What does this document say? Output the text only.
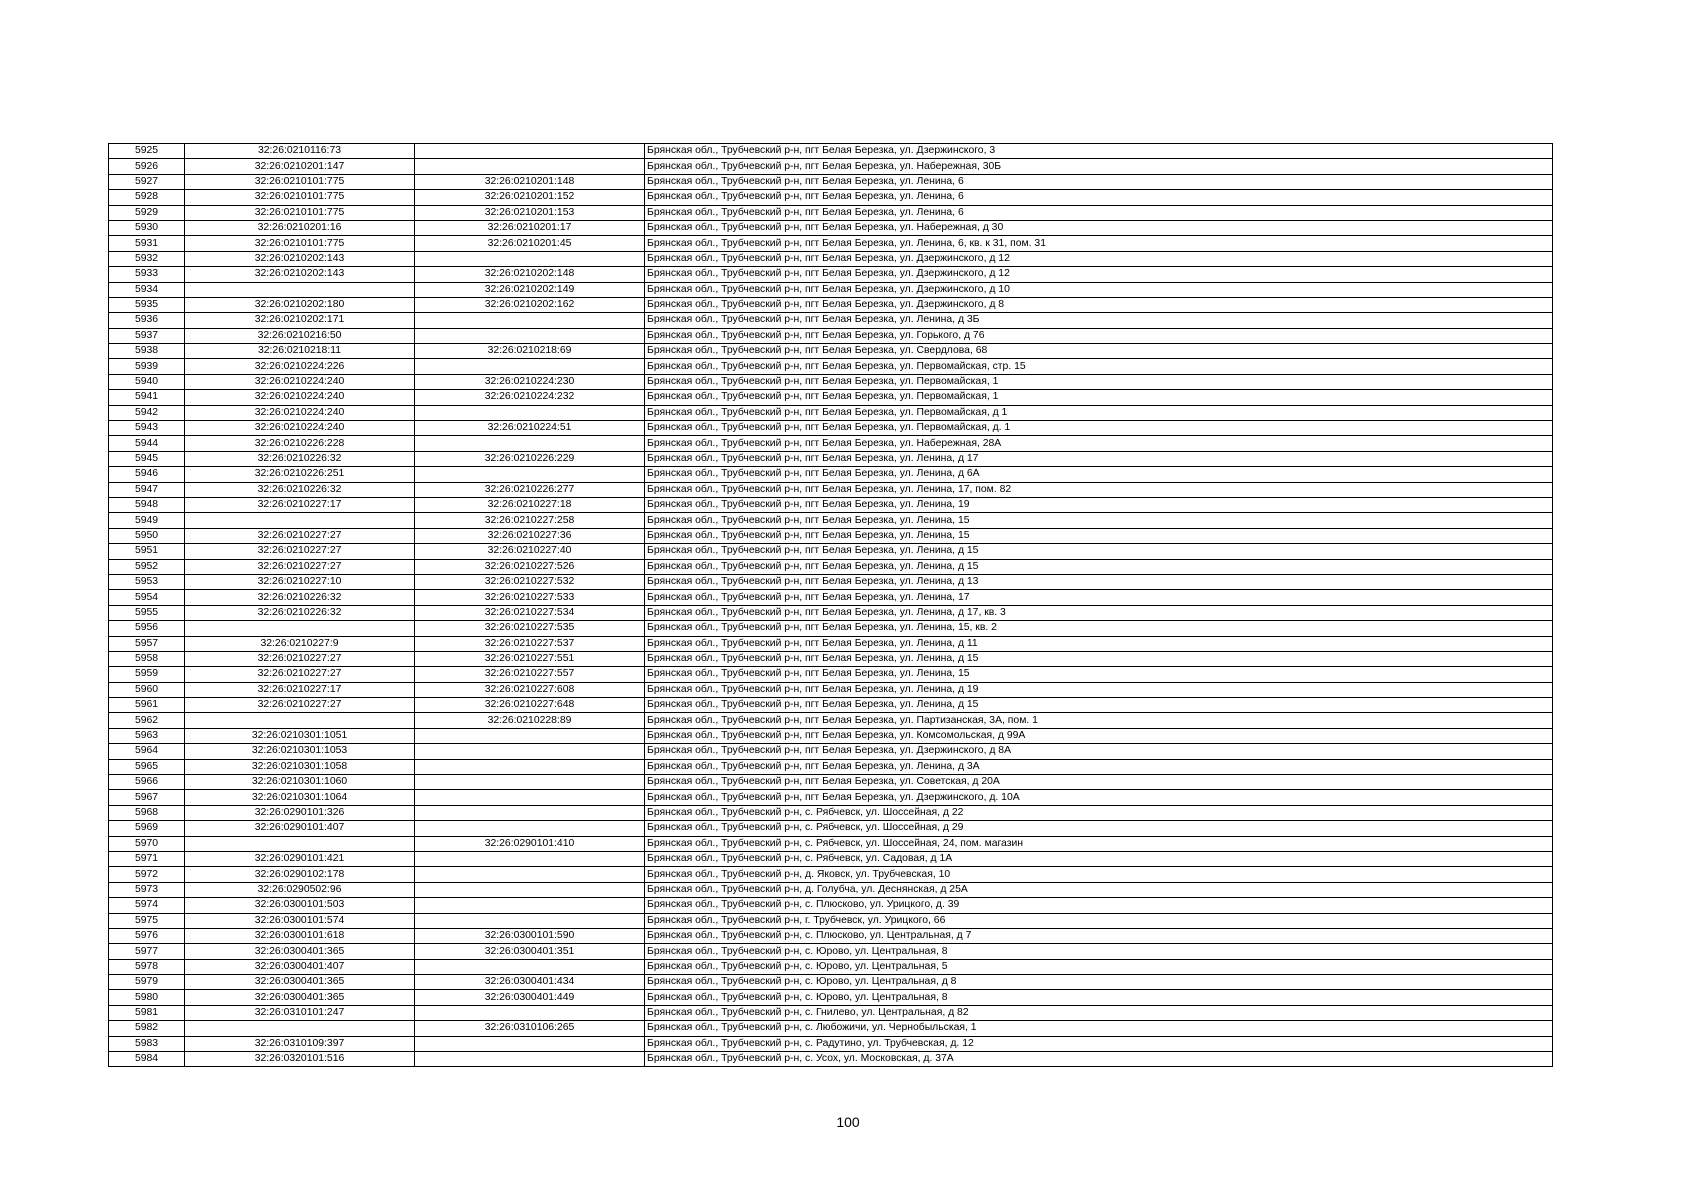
5925	32:26:0210116:73		Брянская обл., Трубчевский р-н, пгт Белая Березка, ул. Дзержинского, 3
5926	32:26:0210201:147		Брянская обл., Трубчевский р-н, пгт Белая Березка, ул. Набережная, 30Б
5927	32:26:0210101:775	32:26:0210201:148	Брянская обл., Трубчевский р-н, пгт Белая Березка, ул. Ленина, 6
5928	32:26:0210101:775	32:26:0210201:152	Брянская обл., Трубчевский р-н, пгт Белая Березка, ул. Ленина, 6
5929	32:26:0210101:775	32:26:0210201:153	Брянская обл., Трубчевский р-н, пгт Белая Березка, ул. Ленина, 6
5930	32:26:0210201:16	32:26:0210201:17	Брянская обл., Трубчевский р-н, пгт Белая Березка, ул. Набережная, д 30
5931	32:26:0210101:775	32:26:0210201:45	Брянская обл., Трубчевский р-н, пгт Белая Березка, ул. Ленина, 6, кв. к 31, пом. 31
5932	32:26:0210202:143		Брянская обл., Трубчевский р-н, пгт Белая Березка, ул. Дзержинского, д 12
5933	32:26:0210202:143	32:26:0210202:148	Брянская обл., Трубчевский р-н, пгт Белая Березка, ул. Дзержинского, д 12
5934		32:26:0210202:149	Брянская обл., Трубчевский р-н, пгт Белая Березка, ул. Дзержинского, д 10
5935	32:26:0210202:180	32:26:0210202:162	Брянская обл., Трубчевский р-н, пгт Белая Березка, ул. Дзержинского, д 8
5936	32:26:0210202:171		Брянская обл., Трубчевский р-н, пгт Белая Березка, ул. Ленина, д 3Б
5937	32:26:0210216:50		Брянская обл., Трубчевский р-н, пгт Белая Березка, ул. Горького, д 76
5938	32:26:0210218:11	32:26:0210218:69	Брянская обл., Трубчевский р-н, пгт Белая Березка, ул. Свердлова, 68
5939	32:26:0210224:226		Брянская обл., Трубчевский р-н, пгт Белая Березка, ул. Первомайская, стр. 15
5940	32:26:0210224:240	32:26:0210224:230	Брянская обл., Трубчевский р-н, пгт Белая Березка, ул. Первомайская, 1
5941	32:26:0210224:240	32:26:0210224:232	Брянская обл., Трубчевский р-н, пгт Белая Березка, ул. Первомайская, 1
5942	32:26:0210224:240		Брянская обл., Трубчевский р-н, пгт Белая Березка, ул. Первомайская, д 1
5943	32:26:0210224:240	32:26:0210224:51	Брянская обл., Трубчевский р-н, пгт Белая Березка, ул. Первомайская, д. 1
5944	32:26:0210226:228		Брянская обл., Трубчевский р-н, пгт Белая Березка, ул. Набережная, 28А
5945	32:26:0210226:32	32:26:0210226:229	Брянская обл., Трубчевский р-н, пгт Белая Березка, ул. Ленина, д 17
5946	32:26:0210226:251		Брянская обл., Трубчевский р-н, пгт Белая Березка, ул. Ленина, д 6А
5947	32:26:0210226:32	32:26:0210226:277	Брянская обл., Трубчевский р-н, пгт Белая Березка, ул. Ленина, 17, пом. 82
5948	32:26:0210227:17	32:26:0210227:18	Брянская обл., Трубчевский р-н, пгт Белая Березка, ул. Ленина, 19
5949		32:26:0210227:258	Брянская обл., Трубчевский р-н, пгт Белая Березка, ул. Ленина, 15
5950	32:26:0210227:27	32:26:0210227:36	Брянская обл., Трубчевский р-н, пгт Белая Березка, ул. Ленина, 15
5951	32:26:0210227:27	32:26:0210227:40	Брянская обл., Трубчевский р-н, пгт Белая Березка, ул. Ленина, д 15
5952	32:26:0210227:27	32:26:0210227:526	Брянская обл., Трубчевский р-н, пгт Белая Березка, ул. Ленина, д 15
5953	32:26:0210227:10	32:26:0210227:532	Брянская обл., Трубчевский р-н, пгт Белая Березка, ул. Ленина, д 13
5954	32:26:0210226:32	32:26:0210227:533	Брянская обл., Трубчевский р-н, пгт Белая Березка, ул. Ленина, 17
5955	32:26:0210226:32	32:26:0210227:534	Брянская обл., Трубчевский р-н, пгт Белая Березка, ул. Ленина, д 17, кв. 3
5956		32:26:0210227:535	Брянская обл., Трубчевский р-н, пгт Белая Березка, ул. Ленина, 15, кв. 2
5957	32:26:0210227:9	32:26:0210227:537	Брянская обл., Трубчевский р-н, пгт Белая Березка, ул. Ленина, д 11
5958	32:26:0210227:27	32:26:0210227:551	Брянская обл., Трубчевский р-н, пгт Белая Березка, ул. Ленина, д 15
5959	32:26:0210227:27	32:26:0210227:557	Брянская обл., Трубчевский р-н, пгт Белая Березка, ул. Ленина, 15
5960	32:26:0210227:17	32:26:0210227:608	Брянская обл., Трубчевский р-н, пгт Белая Березка, ул. Ленина, д 19
5961	32:26:0210227:27	32:26:0210227:648	Брянская обл., Трубчевский р-н, пгт Белая Березка, ул. Ленина, д 15
5962		32:26:0210228:89	Брянская обл., Трубчевский р-н, пгт Белая Березка, ул. Партизанская, 3А, пом. 1
5963	32:26:0210301:1051		Брянская обл., Трубчевский р-н, пгт Белая Березка, ул. Комсомольская, д 99А
5964	32:26:0210301:1053		Брянская обл., Трубчевский р-н, пгт Белая Березка, ул. Дзержинского, д 8А
5965	32:26:0210301:1058		Брянская обл., Трубчевский р-н, пгт Белая Березка, ул. Ленина, д 3А
5966	32:26:0210301:1060		Брянская обл., Трубчевский р-н, пгт Белая Березка, ул. Советская, д 20А
5967	32:26:0210301:1064		Брянская обл., Трубчевский р-н, пгт Белая Березка, ул. Дзержинского, д. 10А
5968	32:26:0290101:326		Брянская обл., Трубчевский р-н, с. Рябчевск, ул. Шоссейная, д 22
5969	32:26:0290101:407		Брянская обл., Трубчевский р-н, с. Рябчевск, ул. Шоссейная, д 29
5970		32:26:0290101:410	Брянская обл., Трубчевский р-н, с. Рябчевск, ул. Шоссейная, 24, пом. магазин
5971	32:26:0290101:421		Брянская обл., Трубчевский р-н, с. Рябчевск, ул. Садовая, д 1А
5972	32:26:0290102:178		Брянская обл., Трубчевский р-н, д. Яковск, ул. Трубчевская, 10
5973	32:26:0290502:96		Брянская обл., Трубчевский р-н, д. Голубча, ул. Деснянская, д 25А
5974	32:26:0300101:503		Брянская обл., Трубчевский р-н, с. Плюсково, ул. Урицкого, д. 39
5975	32:26:0300101:574		Брянская обл., Трубчевский р-н, г. Трубчевск, ул. Урицкого, 66
5976	32:26:0300101:618	32:26:0300101:590	Брянская обл., Трубчевский р-н, с. Плюсково, ул. Центральная, д 7
5977	32:26:0300401:365	32:26:0300401:351	Брянская обл., Трубчевский р-н, с. Юрово, ул. Центральная, 8
5978	32:26:0300401:407		Брянская обл., Трубчевский р-н, с. Юрово, ул. Центральная, 5
5979	32:26:0300401:365	32:26:0300401:434	Брянская обл., Трубчевский р-н, с. Юрово, ул. Центральная, д 8
5980	32:26:0300401:365	32:26:0300401:449	Брянская обл., Трубчевский р-н, с. Юрово, ул. Центральная, 8
5981	32:26:0310101:247		Брянская обл., Трубчевский р-н, с. Гнилево, ул. Центральная, д 82
5982		32:26:0310106:265	Брянская обл., Трубчевский р-н, с. Любожичи, ул. Чернобыльская, 1
5983	32:26:0310109:397		Брянская обл., Трубчевский р-н, с. Радутино, ул. Трубчевская, д. 12
5984	32:26:0320101:516		Брянская обл., Трубчевский р-н, с. Усох, ул. Московская, д. 37А
100
